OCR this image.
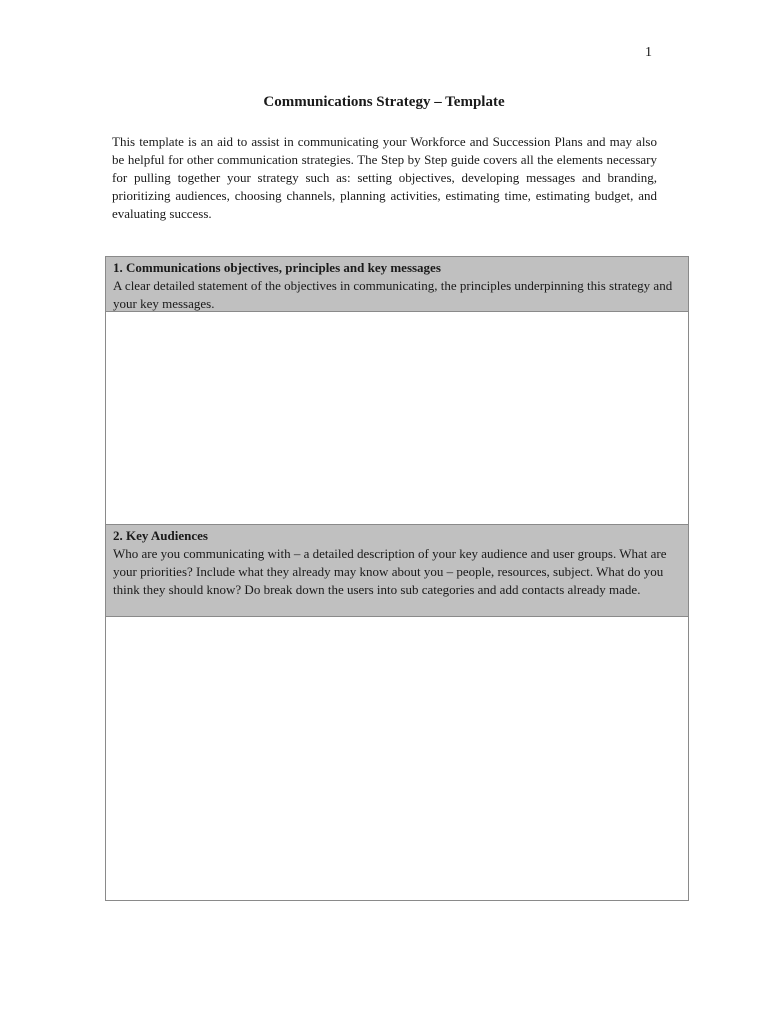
1
Communications Strategy – Template

This template is an aid to assist in communicating your Workforce and Succession Plans and may also be helpful for other communication strategies. The Step by Step guide covers all the elements necessary for pulling together your strategy such as: setting objectives, developing messages and branding, prioritizing audiences, choosing channels, planning activities, estimating time, estimating budget, and evaluating success.

1. Communications objectives, principles and key messages
A clear detailed statement of the objectives in communicating, the principles underpinning this strategy and your key messages.
2. Key Audiences
Who are you communicating with – a detailed description of your key audience and user groups. What are your priorities? Include what they already may know about you – people, resources, subject. What do you think they should know? Do break down the users into sub categories and add contacts already made.
